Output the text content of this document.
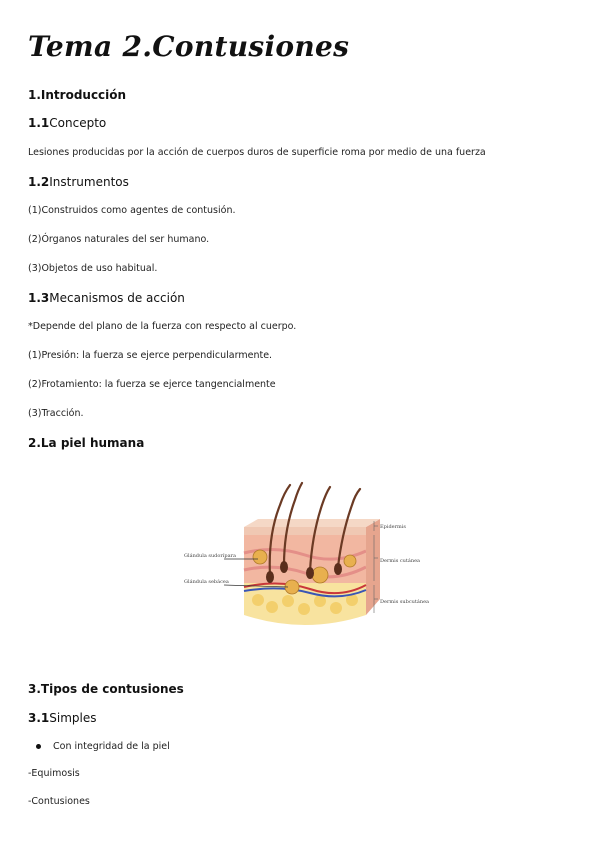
Tema 2.Contusiones
1.Introducción
1.1Concepto
Lesiones producidas por la acción de cuerpos duros de superficie roma por medio de una fuerza
1.2Instrumentos
(1)Construidos como agentes de contusión.
(2)Órganos naturales del ser humano.
(3)Objetos de uso habitual.
1.3Mecanismos de acción
*Depende del plano de la fuerza con respecto al cuerpo.
(1)Presión: la fuerza se ejerce perpendicularmente.
(2)Frotamiento: la fuerza se ejerce tangencialmente
(3)Tracción.
2.La piel humana
Epidermis
Dermis cutánea
Dermis subcutánea
Glándula sudorípara
Glándula sebácea
3.Tipos de contusiones
3.1Simples
Con integridad de la piel
-Equimosis
-Contusiones
